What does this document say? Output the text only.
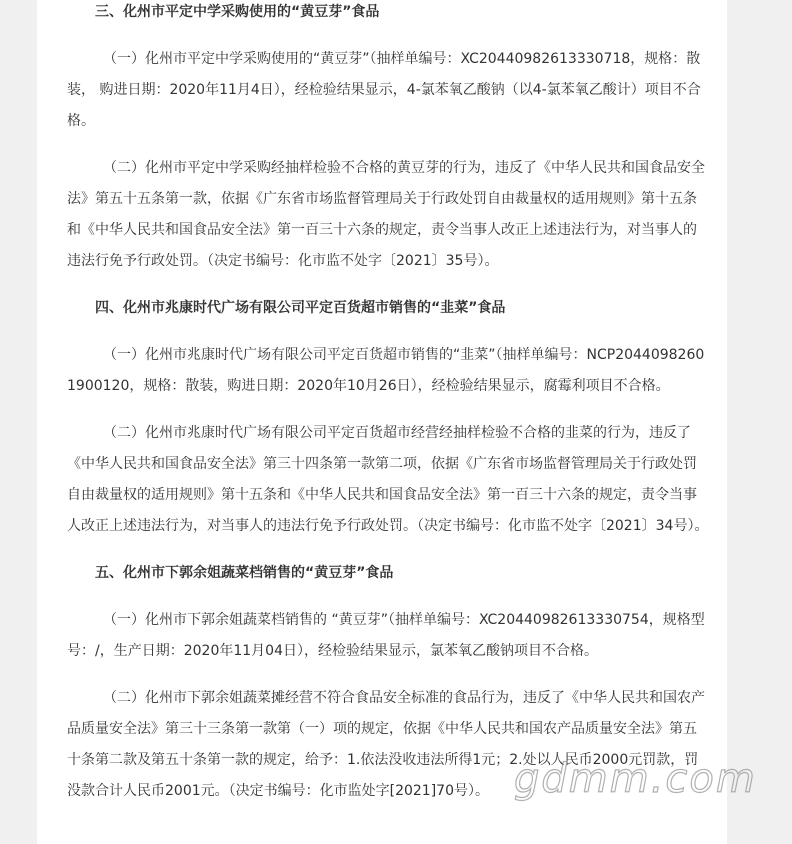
三、化州市平定中学采购使用的“黄豆芽”食品

（一）化州市平定中学采购使用的“黄豆芽”（抽样单编号：XC20440982613330718，规格：散装， 购进日期：2020年11月4日），经检验结果显示，4-氯苯氧乙酸钠（以4-氯苯氧乙酸计）项目不合格。

（二）化州市平定中学采购经抽样检验不合格的黄豆芽的行为，违反了《中华人民共和国食品安全法》第五十五条第一款，依据《广东省市场监督管理局关于行政处罚自由裁量权的适用规则》第十五条和《中华人民共和国食品安全法》第一百三十六条的规定，责令当事人改正上述违法行为，对当事人的违法行免予行政处罚。（决定书编号：化市监不处字〔2021〕35号）。

四、化州市兆康时代广场有限公司平定百货超市销售的“韭菜”食品

（一）化州市兆康时代广场有限公司平定百货超市销售的“韭菜”（抽样单编号：NCP20440982601900120，规格：散装，购进日期：2020年10月26日），经检验结果显示，腐霉利项目不合格。

（二）化州市兆康时代广场有限公司平定百货超市经营经抽样检验不合格的韭菜的行为，违反了《中华人民共和国食品安全法》第三十四条第一款第二项，依据《广东省市场监督管理局关于行政处罚自由裁量权的适用规则》第十五条和《中华人民共和国食品安全法》第一百三十六条的规定，责令当事人改正上述违法行为，对当事人的违法行免予行政处罚。（决定书编号：化市监不处字〔2021〕34号）。

五、化州市下郭余姐蔬菜档销售的“黄豆芽”食品

（一）化州市下郭余姐蔬菜档销售的 “黄豆芽”（抽样单编号：XC20440982613330754，规格型号：/，生产日期：2020年11月04日），经检验结果显示，氯苯氧乙酸钠项目不合格。

（二）化州市下郭余姐蔬菜摊经营不符合食品安全标准的食品行为，违反了《中华人民共和国农产品质量安全法》第三十三条第一款第（一）项的规定，依据《中华人民共和国农产品质量安全法》第五十条第二款及第五十条第一款的规定，给予：1.依法没收违法所得1元；2.处以人民币2000元罚款，罚没款合计人民币2001元。（决定书编号：化市监处字[2021]70号）。
